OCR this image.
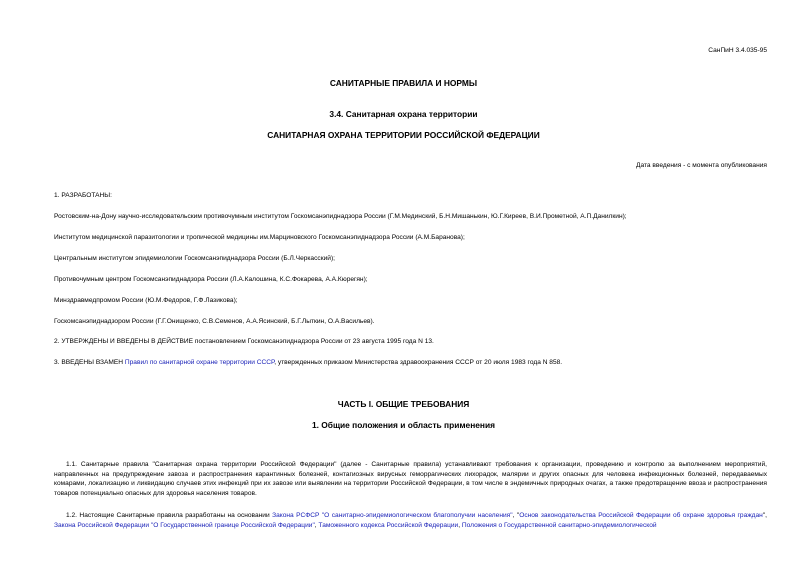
СанПиН 3.4.035-95
САНИТАРНЫЕ ПРАВИЛА И НОРМЫ
3.4. Санитарная охрана территории
САНИТАРНАЯ ОХРАНА ТЕРРИТОРИИ РОССИЙСКОЙ ФЕДЕРАЦИИ
Дата введения - с момента опубликования
1. РАЗРАБОТАНЫ:
Ростовским-на-Дону научно-исследовательским противочумным институтом Госкомсанэпиднадзора России (Г.М.Мединский, Б.Н.Мишанькин, Ю.Г.Киреев, В.И.Прометной, А.П.Данилкин);
Институтом медицинской паразитологии и тропической медицины им.Марциновского Госкомсанэпиднадзора России (А.М.Баранова);
Центральным институтом эпидемиологии Госкомсанэпиднадзора России (Б.Л.Черкасский);
Противочумным центром Госкомсанэпиднадзора России (Л.А.Калошина, К.С.Фокарева, А.А.Кюрегян);
Минздравмедпромом России (Ю.М.Федоров, Г.Ф.Лазикова);
Госкомсанэпиднадзором России (Г.Г.Онищенко, С.В.Семенов, А.А.Ясинский, Б.Г.Лыткин, О.А.Васильев).
2. УТВЕРЖДЕНЫ И ВВЕДЕНЫ В ДЕЙСТВИЕ постановлением Госкомсанэпиднадзора России от 23 августа 1995 года N 13.
3. ВВЕДЕНЫ ВЗАМЕН Правил по санитарной охране территории СССР, утвержденных приказом Министерства здравоохранения СССР от 20 июля 1983 года N 858.
ЧАСТЬ I. ОБЩИЕ ТРЕБОВАНИЯ
1. Общие положения и область применения
1.1. Санитарные правила "Санитарная охрана территории Российской Федерации" (далее - Санитарные правила) устанавливают требования к организации, проведению и контролю за выполнением мероприятий, направленных на предупреждение завоза и распространения карантинных болезней, контагиозных вирусных геморрагических лихорадок, малярии и других опасных для человека инфекционных болезней, передаваемых комарами, локализацию и ликвидацию случаев этих инфекций при их завозе или выявлении на территории Российской Федерации, в том числе в эндемичных природных очагах, а также предотвращение ввоза и распространения товаров потенциально опасных для здоровья населения товаров.
1.2. Настоящие Санитарные правила разработаны на основании Закона РСФСР "О санитарно-эпидемиологическом благополучии населения", "Основ законодательства Российской Федерации об охране здоровья граждан", Закона Российской Федерации "О Государственной границе Российской Федерации", Таможенного кодекса Российской Федерации, Положения о Государственной санитарно-эпидемиологической
